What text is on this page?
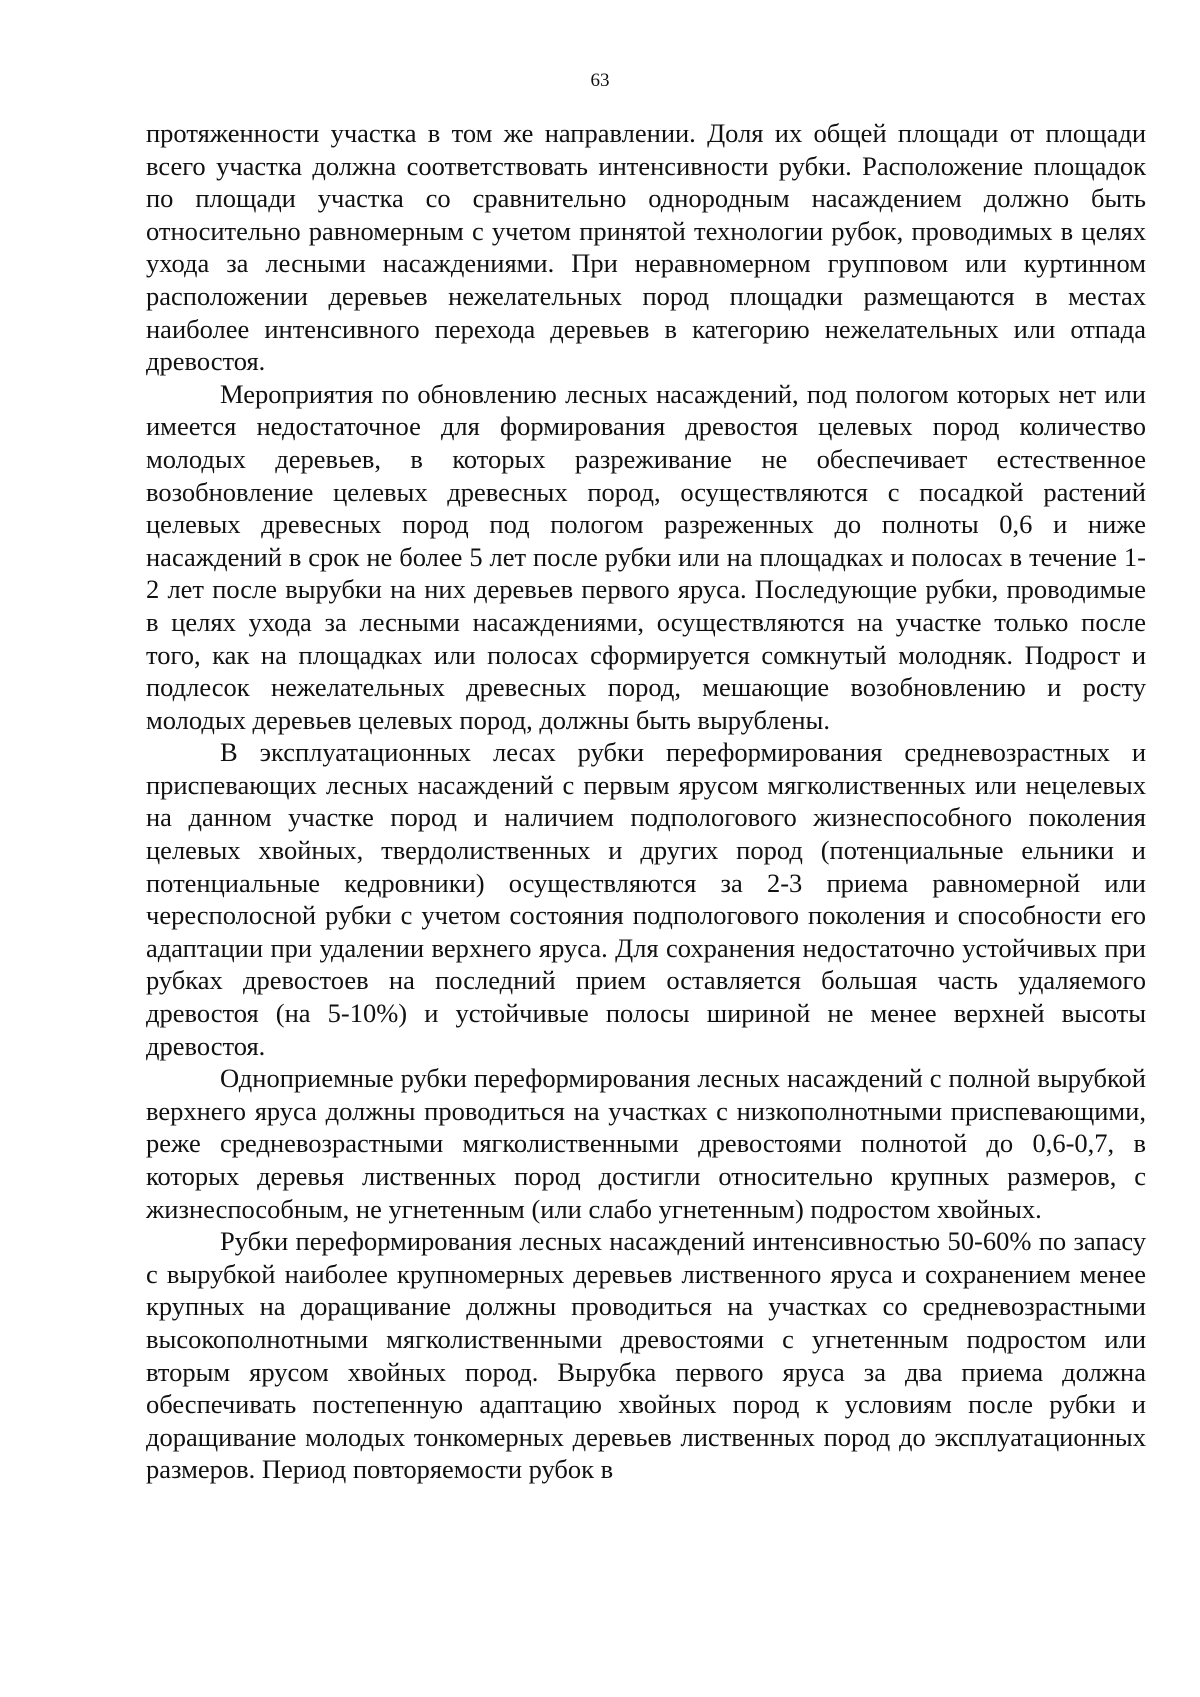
63

протяженности участка в том же направлении. Доля их общей площади от площади всего участка должна соответствовать интенсивности рубки. Расположение площадок по площади участка со сравнительно однородным насаждением должно быть относительно равномерным с учетом принятой технологии рубок, проводимых в целях ухода за лесными насаждениями. При неравномерном групповом или куртинном расположении деревьев нежелательных пород площадки размещаются в местах наиболее интенсивного перехода деревьев в категорию нежелательных или отпада древостоя.

Мероприятия по обновлению лесных насаждений, под пологом которых нет или имеется недостаточное для формирования древостоя целевых пород количество молодых деревьев, в которых разреживание не обеспечивает естественное возобновление целевых древесных пород, осуществляются с посадкой растений целевых древесных пород под пологом разреженных до полноты 0,6 и ниже насаждений в срок не более 5 лет после рубки или на площадках и полосах в течение 1-2 лет после вырубки на них деревьев первого яруса. Последующие рубки, проводимые в целях ухода за лесными насаждениями, осуществляются на участке только после того, как на площадках или полосах сформируется сомкнутый молодняк. Подрост и подлесок нежелательных древесных пород, мешающие возобновлению и росту молодых деревьев целевых пород, должны быть вырублены.

В эксплуатационных лесах рубки переформирования средневозрастных и приспевающих лесных насаждений с первым ярусом мягколиственных или нецелевых на данном участке пород и наличием подпологового жизнеспособного поколения целевых хвойных, твердолиственных и других пород (потенциальные ельники и потенциальные кедровники) осуществляются за 2-3 приема равномерной или чересполосной рубки с учетом состояния подпологового поколения и способности его адаптации при удалении верхнего яруса. Для сохранения недостаточно устойчивых при рубках древостоев на последний прием оставляется большая часть удаляемого древостоя (на 5-10%) и устойчивые полосы шириной не менее верхней высоты древостоя.

Одноприемные рубки переформирования лесных насаждений с полной вырубкой верхнего яруса должны проводиться на участках с низкополнотными приспевающими, реже средневозрастными мягколиственными древостоями полнотой до 0,6-0,7, в которых деревья лиственных пород достигли относительно крупных размеров, с жизнеспособным, не угнетенным (или слабо угнетенным) подростом хвойных.

Рубки переформирования лесных насаждений интенсивностью 50-60% по запасу с вырубкой наиболее крупномерных деревьев лиственного яруса и сохранением менее крупных на доращивание должны проводиться на участках со средневозрастными высокополнотными мягколиственными древостоями с угнетенным подростом или вторым ярусом хвойных пород. Вырубка первого яруса за два приема должна обеспечивать постепенную адаптацию хвойных пород к условиям после рубки и доращивание молодых тонкомерных деревьев лиственных пород до эксплуатационных размеров. Период повторяемости рубок в
